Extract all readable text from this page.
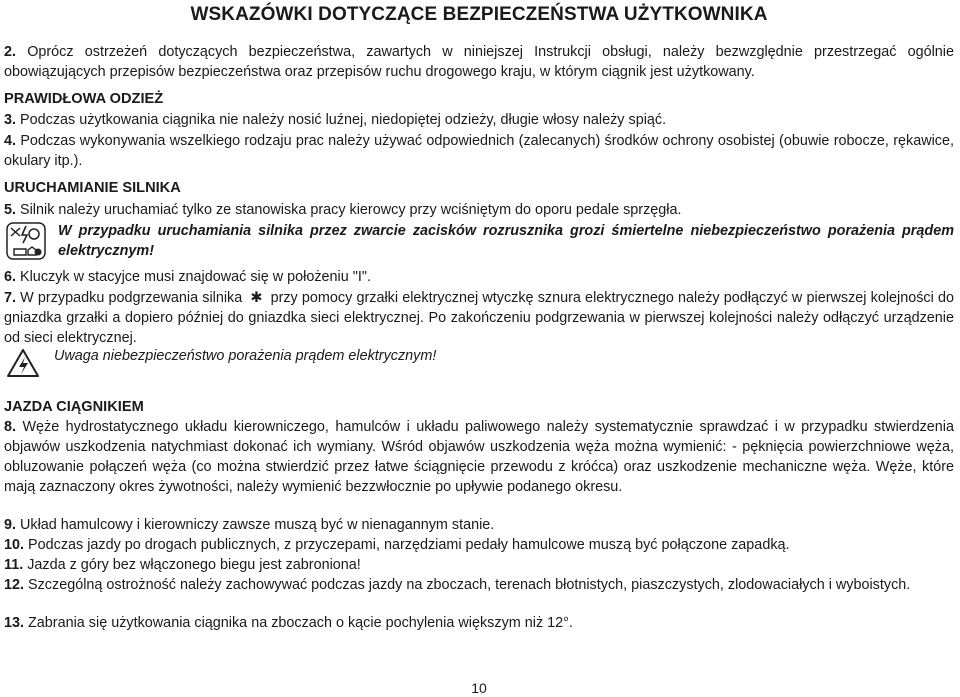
WSKAZÓWKI DOTYCZĄCE BEZPIECZEŃSTWA UŻYTKOWNIKA
2. Oprócz ostrzeżeń dotyczących bezpieczeństwa, zawartych w niniejszej Instrukcji obsługi, należy bezwzględnie przestrzegać ogólnie obowiązujących przepisów bezpieczeństwa oraz przepisów ruchu drogowego kraju, w którym ciągnik jest użytkowany.
PRAWIDŁOWA ODZIEŻ
3. Podczas użytkowania ciągnika nie należy nosić luźnej, niedopiętej odzieży, długie włosy należy spiąć.
4. Podczas wykonywania wszelkiego rodzaju prac należy używać odpowiednich (zalecanych) środków ochrony osobistej (obuwie robocze, rękawice, okulary itp.).
URUCHAMIANIE SILNIKA
5. Silnik należy uruchamiać tylko ze stanowiska pracy kierowcy przy wciśniętym do oporu pedale sprzęgła.
W przypadku uruchamiania silnika przez zwarcie zacisków rozrusznika grozi śmiertelne niebezpieczeństwo porażenia prądem elektrycznym!
6. Kluczyk w stacyjce musi znajdować się w położeniu "I".
7. W przypadku podgrzewania silnika ✱ przy pomocy grzałki elektrycznej wtyczkę sznura elektrycznego należy podłączyć w pierwszej kolejności do gniazdka grzałki a dopiero później do gniazdka sieci elektrycznej. Po zakończeniu podgrzewania w pierwszej kolejności należy odłączyć urządzenie od sieci elektrycznej.
Uwaga niebezpieczeństwo porażenia prądem elektrycznym!
JAZDA CIĄGNIKIEM
8. Węże hydrostatycznego układu kierowniczego, hamulców i układu paliwowego należy systematycznie sprawdzać i w przypadku stwierdzenia objawów uszkodzenia natychmiast dokonać ich wymiany. Wśród objawów uszkodzenia węża można wymienić: - pęknięcia powierzchniowe węża, obluzowanie połączeń węża (co można stwierdzić przez łatwe ściągnięcie przewodu z króćca) oraz uszkodzenie mechaniczne węża. Węże, które mają zaznaczony okres żywotności, należy wymienić bezzwłocznie po upływie podanego okresu.
9. Układ hamulcowy i kierowniczy zawsze muszą być w nienagannym stanie.
10. Podczas jazdy po drogach publicznych, z przyczepami, narzędziami pedały hamulcowe muszą być połączone zapadką.
11. Jazda z góry bez włączonego biegu jest zabroniona!
12. Szczególną ostrożność należy zachowywać podczas jazdy na zboczach, terenach błotnistych, piaszczystych, zlodowaciałych i wyboistych.
13. Zabrania się użytkowania ciągnika na zboczach o kącie pochylenia większym niż 12°.
10
